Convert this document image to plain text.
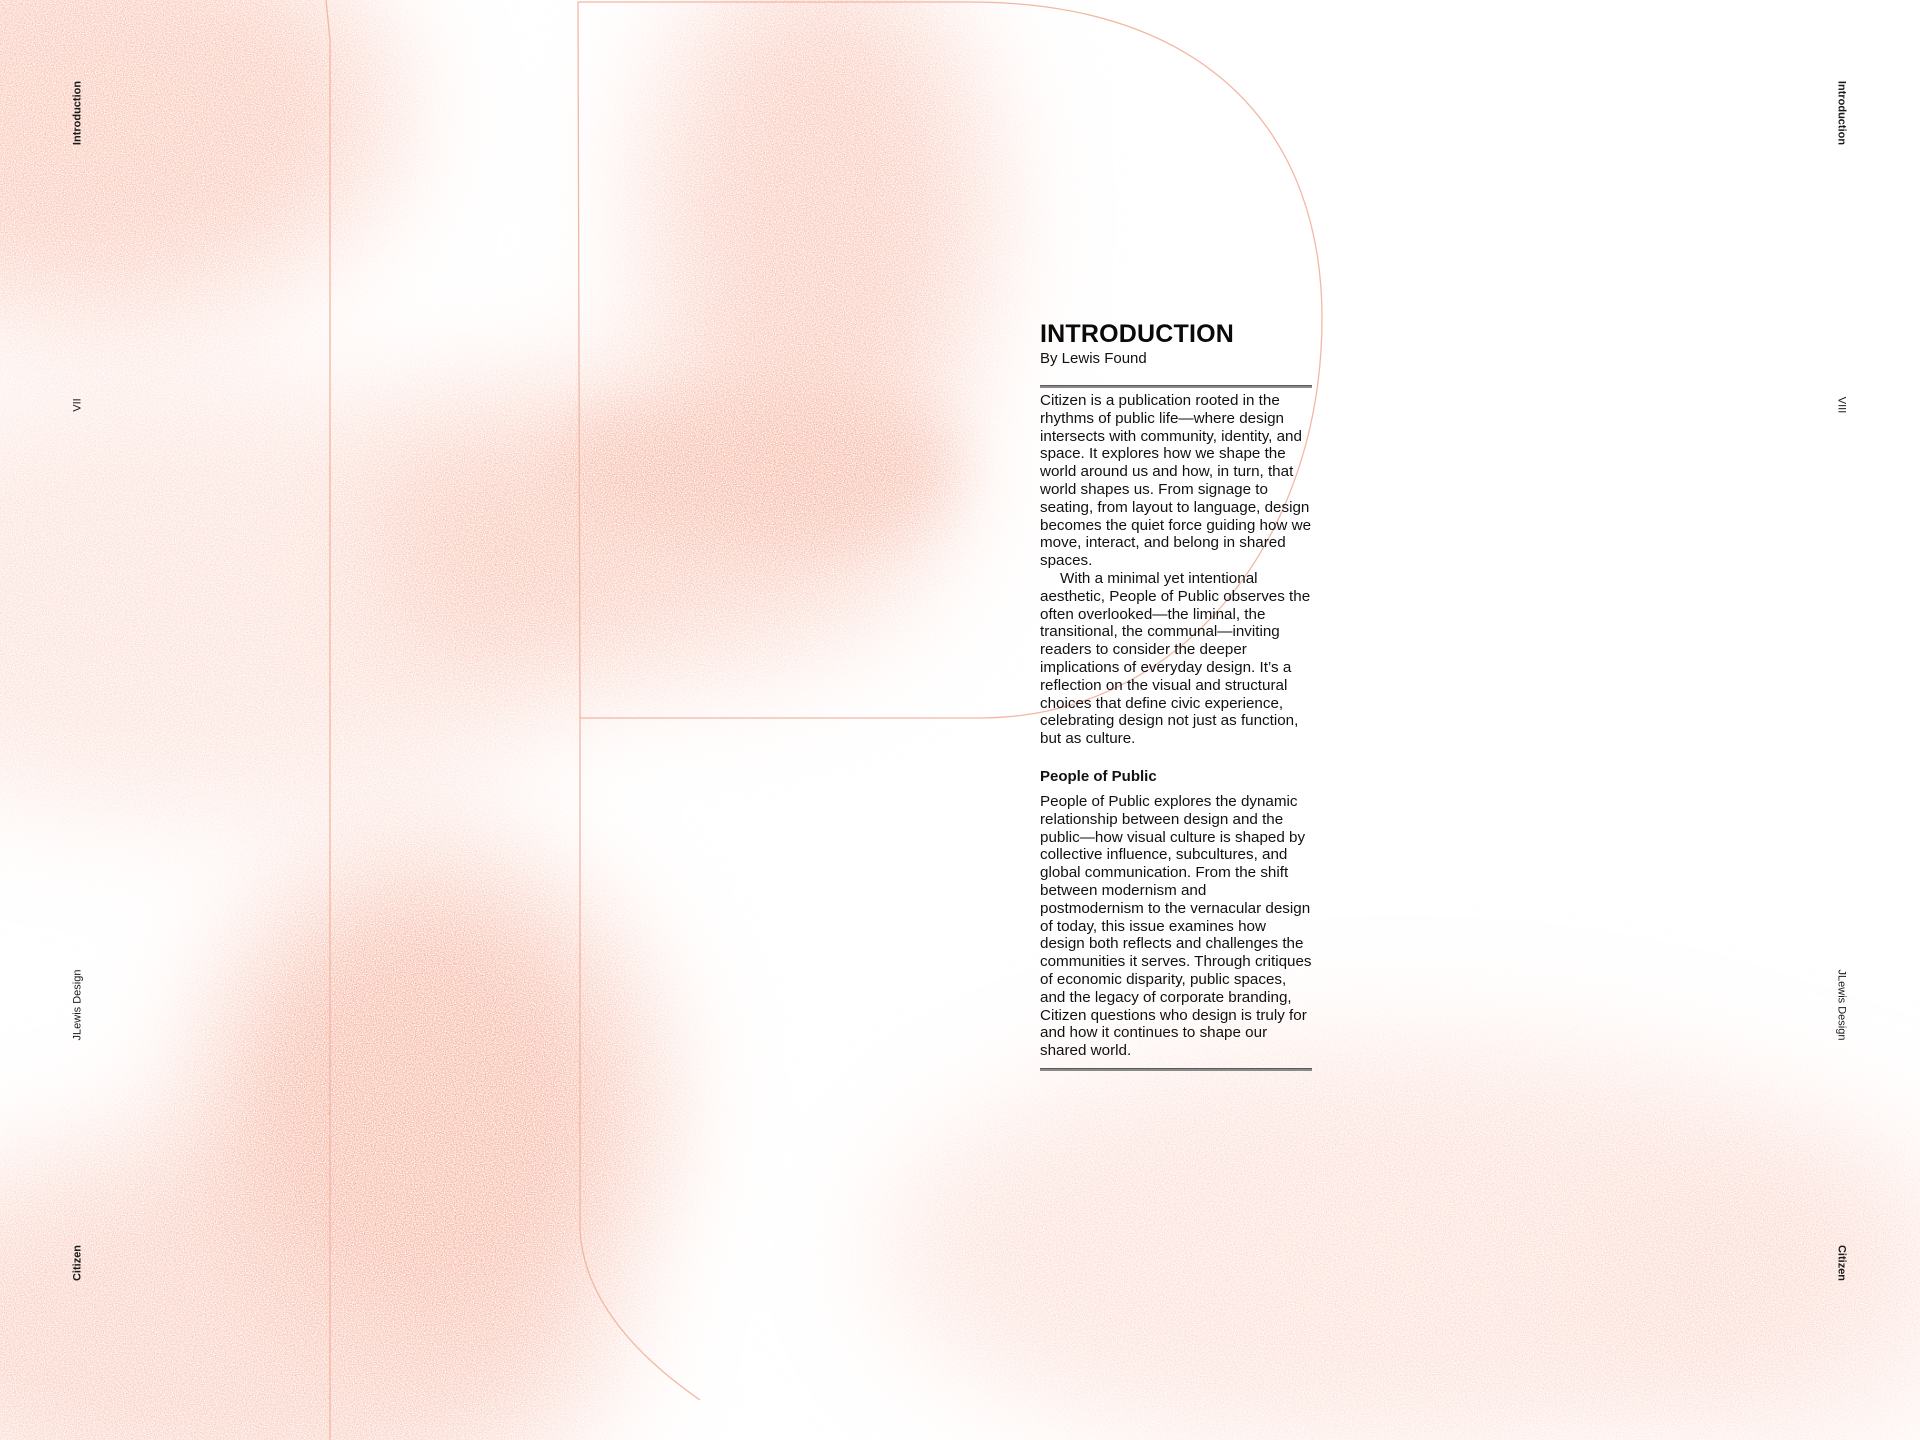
Introduction
VII
JLewis Design
Citizen
Introduction
VIII
JLewis Design
Citizen
INTRODUCTION

By Lewis Found

Citizen is a publication rooted in the rhythms of public life—where design intersects with community, identity, and space. It explores how we shape the world around us and how, in turn, that world shapes us. From signage to seating, from layout to language, design becomes the quiet force guiding how we move, interact, and belong in shared spaces.

With a minimal yet intentional aesthetic, People of Public observes the often overlooked—the liminal, the transitional, the communal—inviting readers to consider the deeper implications of everyday design. It’s a reflection on the visual and structural choices that define civic experience, celebrating design not just as function, but as culture.

People of Public

People of Public explores the dynamic relationship between design and the public—how visual culture is shaped by collective influence, subcultures, and global communication. From the shift between modernism and postmodernism to the vernacular design of today, this issue examines how design both reflects and challenges the communities it serves. Through critiques of economic disparity, public spaces, and the legacy of corporate branding, Citizen questions who design is truly for and how it continues to shape our shared world.
